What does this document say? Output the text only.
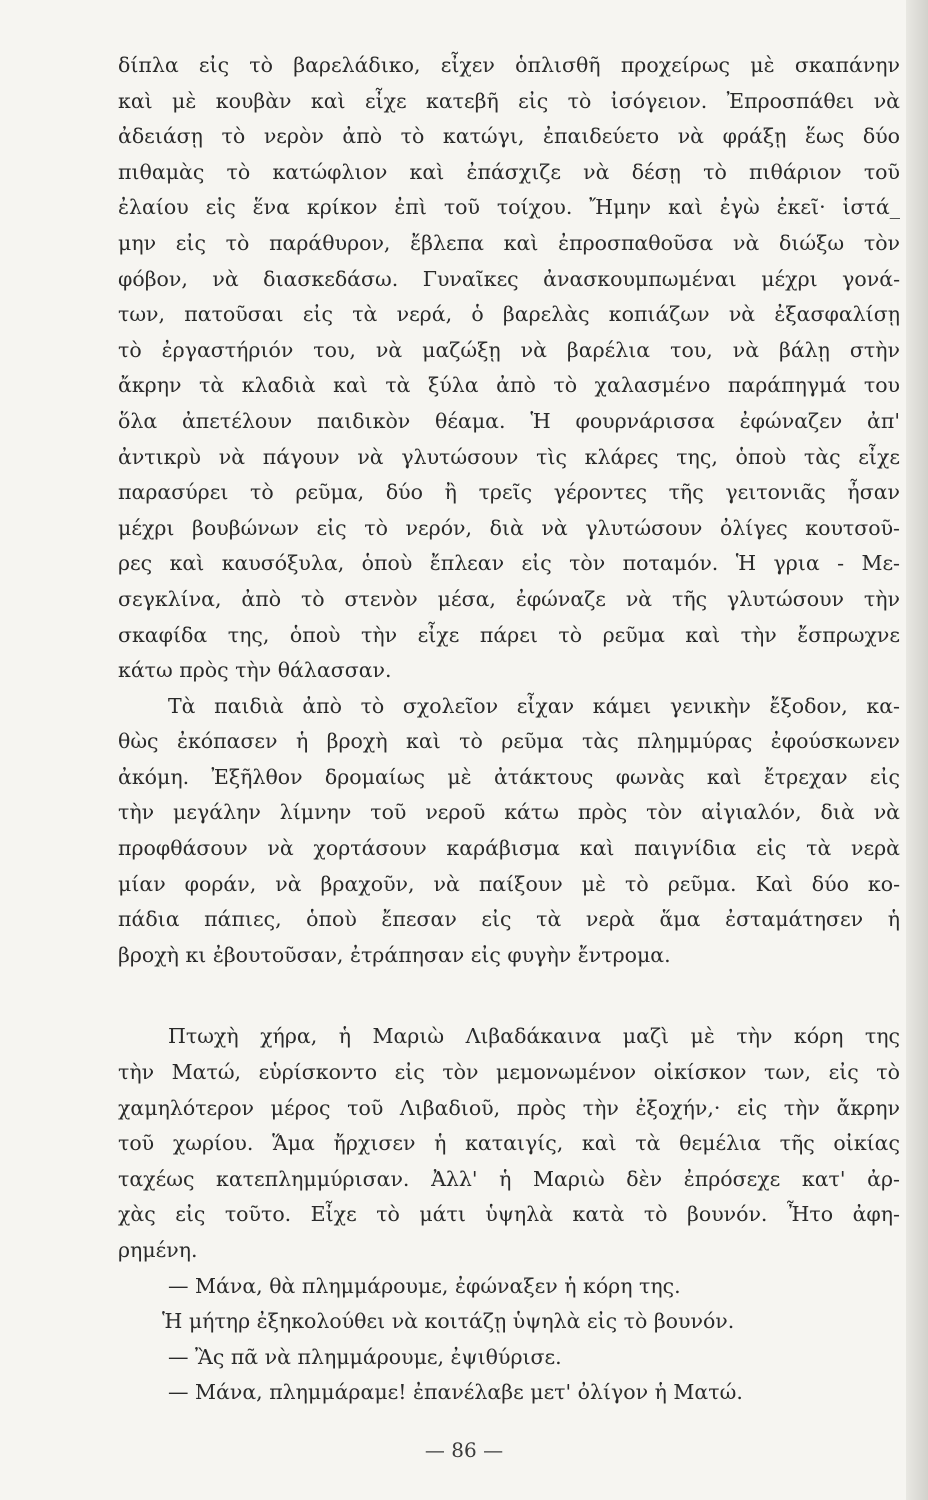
δίπλα εἰς τὸ βαρελάδικο, εἶχεν ὁπλισθῆ προχείρως μὲ σκαπάνην
καὶ μὲ κουβὰν καὶ εἶχε κατεβῆ εἰς τὸ ἰσόγειον. Ἐπροσπάθει νὰ
ἀδειάσῃ τὸ νερὸν ἀπὸ τὸ κατώγι, ἐπαιδεύετο νὰ φράξῃ ἕως δύο
πιθαμὰς τὸ κατώφλιον καὶ ἐπάσχιζε νὰ δέσῃ τὸ πιθάριον τοῦ
ἐλαίου εἰς ἕνα κρίκον ἐπὶ τοῦ τοίχου. Ἤμην καὶ ἐγὼ ἐκεῖ· ἱστά_
μην εἰς τὸ παράθυρον, ἔβλεπα καὶ ἐπροσπαθοῦσα νὰ διώξω τὸν
φόβον, νὰ διασκεδάσω. Γυναῖκες ἀνασκουμπωμέναι μέχρι γονά-
των, πατοῦσαι εἰς τὰ νερά, ὁ βαρελὰς κοπιάζων νὰ ἐξασφαλίσῃ
τὸ ἐργαστήριόν του, νὰ μαζώξῃ νὰ βαρέλια του, νὰ βάλῃ στὴν
ἄκρην τὰ κλαδιὰ καὶ τὰ ξύλα ἀπὸ τὸ χαλασμένο παράπηγμά του
ὅλα ἀπετέλουν παιδικὸν θέαμα. Ἡ φουρνάρισσα ἐφώναζεν ἀπ'
ἀντικρὺ νὰ πάγουν νὰ γλυτώσουν τὶς κλάρες της, ὁποὺ τὰς εἶχε
παρασύρει τὸ ρεῦμα, δύο ἢ τρεῖς γέροντες τῆς γειτονιᾶς ἦσαν
μέχρι βουβώνων εἰς τὸ νερόν, διὰ νὰ γλυτώσουν ὀλίγες κουτσοῦ-
ρες καὶ καυσόξυλα, ὁποὺ ἔπλεαν εἰς τὸν ποταμόν. Ἡ γρια - Με-
σεγκλίνα, ἀπὸ τὸ στενὸν μέσα, ἐφώναζε νὰ τῆς γλυτώσουν τὴν
σκαφίδα της, ὁποὺ τὴν εἶχε πάρει τὸ ρεῦμα καὶ τὴν ἔσπρωχνε
κάτω πρὸς τὴν θάλασσαν.
Τὰ παιδιὰ ἀπὸ τὸ σχολεῖον εἶχαν κάμει γενικὴν ἔξοδον, κα-
θὼς ἐκόπασεν ἡ βροχὴ καὶ τὸ ρεῦμα τὰς πλημμύρας ἐφούσκωνεν
ἀκόμη. Ἐξῆλθον δρομαίως μὲ ἀτάκτους φωνὰς καὶ ἔτρεχαν εἰς
τὴν μεγάλην λίμνην τοῦ νεροῦ κάτω πρὸς τὸν αἰγιαλόν, διὰ νὰ
προφθάσουν νὰ χορτάσουν καράβισμα καὶ παιγνίδια εἰς τὰ νερὰ
μίαν φοράν, νὰ βραχοῦν, νὰ παίξουν μὲ τὸ ρεῦμα. Καὶ δύο κο-
πάδια πάπιες, ὁποὺ ἔπεσαν εἰς τὰ νερὰ ἅμα ἐσταμάτησεν ἡ
βροχὴ κι ἐβουτοῦσαν, ἐτράπησαν εἰς φυγὴν ἔντρομα.
Πτωχὴ χήρα, ἡ Μαριὼ Λιβαδάκαινα μαζὶ μὲ τὴν κόρη της
τὴν Ματώ, εὑρίσκοντο εἰς τὸν μεμονωμένον οἰκίσκον των, εἰς τὸ
χαμηλότερον μέρος τοῦ Λιβαδιοῦ, πρὸς τὴν ἐξοχήν,· εἰς τὴν ἄκρην
τοῦ χωρίου. Ἅμα ἤρχισεν ἡ καταιγίς, καὶ τὰ θεμέλια τῆς οἰκίας
ταχέως κατεπλημμύρισαν. Ἀλλ' ἡ Μαριὼ δὲν ἐπρόσεχε κατ' ἀρ-
χὰς εἰς τοῦτο. Εἶχε τὸ μάτι ὑψηλὰ κατὰ τὸ βουνόν. Ἦτο ἀφη-
ρημένη.
— Μάνα, θὰ πλημμάρουμε, ἐφώναξεν ἡ κόρη της.
Ἡ μήτηρ ἐξηκολούθει νὰ κοιτάζῃ ὑψηλὰ εἰς τὸ βουνόν.
— Ἂς πᾶ νὰ πλημμάρουμε, ἐψιθύρισε.
— Μάνα, πλημμάραμε! ἐπανέλαβε μετ' ὀλίγον ἡ Ματώ.
— 86 —
